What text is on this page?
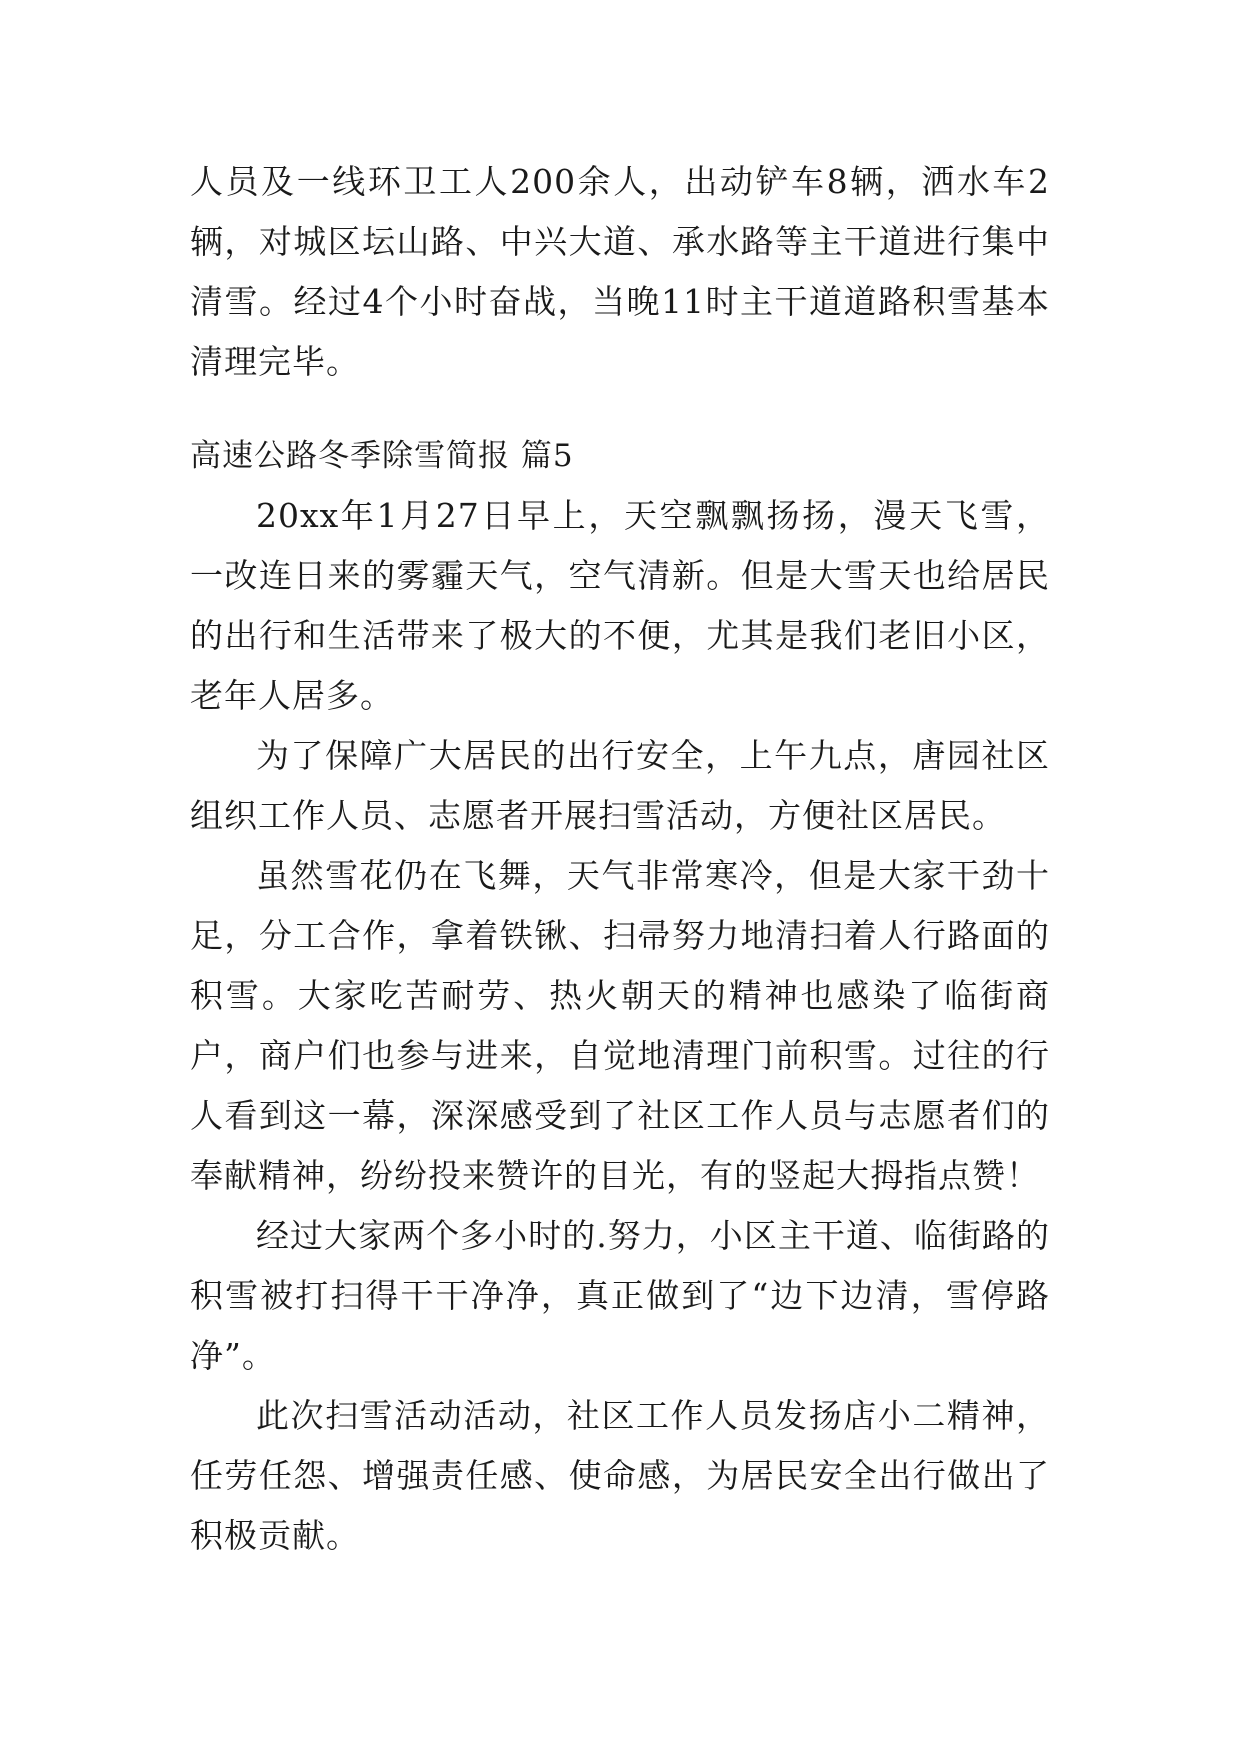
人员及一线环卫工人200余人，出动铲车8辆，洒水车2辆，对城区坛山路、中兴大道、承水路等主干道进行集中清雪。经过4个小时奋战，当晚11时主干道道路积雪基本清理完毕。

高速公路冬季除雪简报 篇5

20xx年1月27日早上，天空飘飘扬扬，漫天飞雪，一改连日来的雾霾天气，空气清新。但是大雪天也给居民的出行和生活带来了极大的不便，尤其是我们老旧小区，老年人居多。

为了保障广大居民的出行安全，上午九点，唐园社区组织工作人员、志愿者开展扫雪活动，方便社区居民。

虽然雪花仍在飞舞，天气非常寒冷，但是大家干劲十足，分工合作，拿着铁锹、扫帚努力地清扫着人行路面的积雪。大家吃苦耐劳、热火朝天的精神也感染了临街商户，商户们也参与进来，自觉地清理门前积雪。过往的行人看到这一幕，深深感受到了社区工作人员与志愿者们的奉献精神，纷纷投来赞许的目光，有的竖起大拇指点赞！

经过大家两个多小时的.努力，小区主干道、临街路的积雪被打扫得干干净净，真正做到了“边下边清，雪停路净”。

此次扫雪活动活动，社区工作人员发扬店小二精神，任劳任怨、增强责任感、使命感，为居民安全出行做出了积极贡献。
